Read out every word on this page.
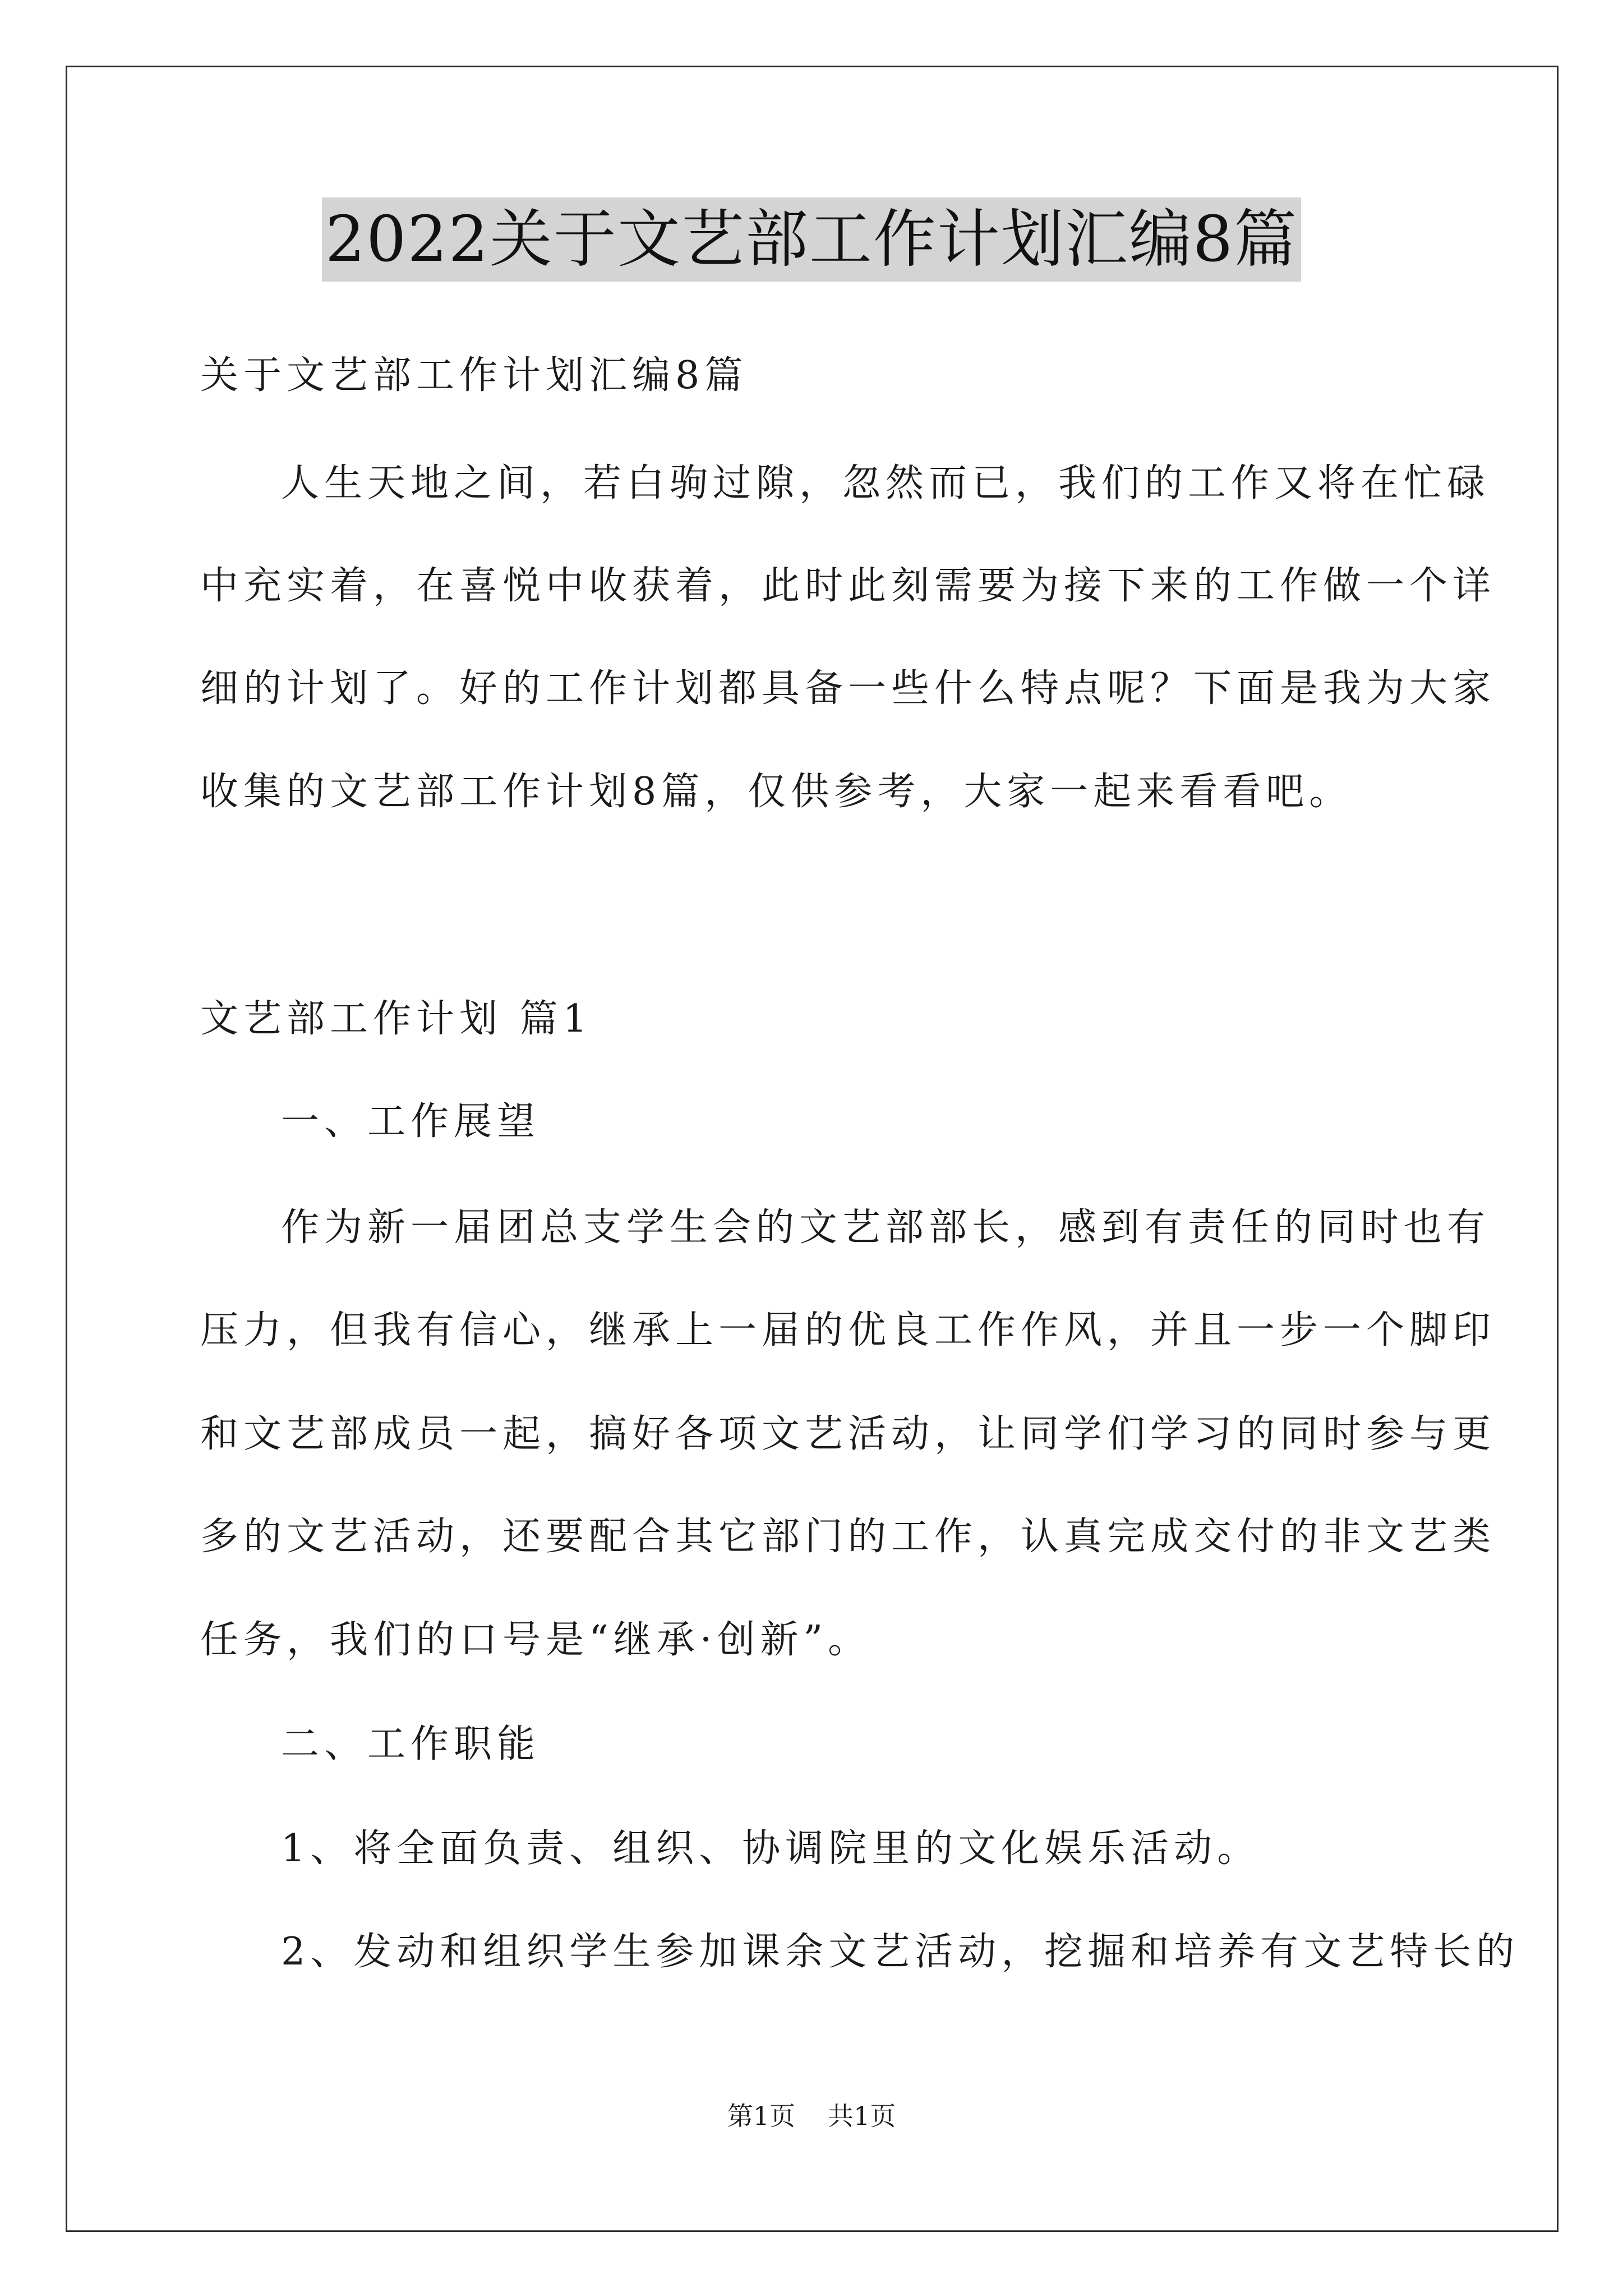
2022关于文艺部工作计划汇编8篇
关于文艺部工作计划汇编8篇
人生天地之间，若白驹过隙，忽然而已，我们的工作又将在忙碌
中充实着，在喜悦中收获着，此时此刻需要为接下来的工作做一个详
细的计划了。好的工作计划都具备一些什么特点呢？下面是我为大家
收集的文艺部工作计划8篇，仅供参考，大家一起来看看吧。
文艺部工作计划 篇1
一、工作展望
作为新一届团总支学生会的文艺部部长，感到有责任的同时也有
压力，但我有信心，继承上一届的优良工作作风，并且一步一个脚印
和文艺部成员一起，搞好各项文艺活动，让同学们学习的同时参与更
多的文艺活动，还要配合其它部门的工作，认真完成交付的非文艺类
任务，我们的口号是“继承·创新”。
二、工作职能
1、将全面负责、组织、协调院里的文化娱乐活动。
2、发动和组织学生参加课余文艺活动，挖掘和培养有文艺特长的
第1页 共1页
